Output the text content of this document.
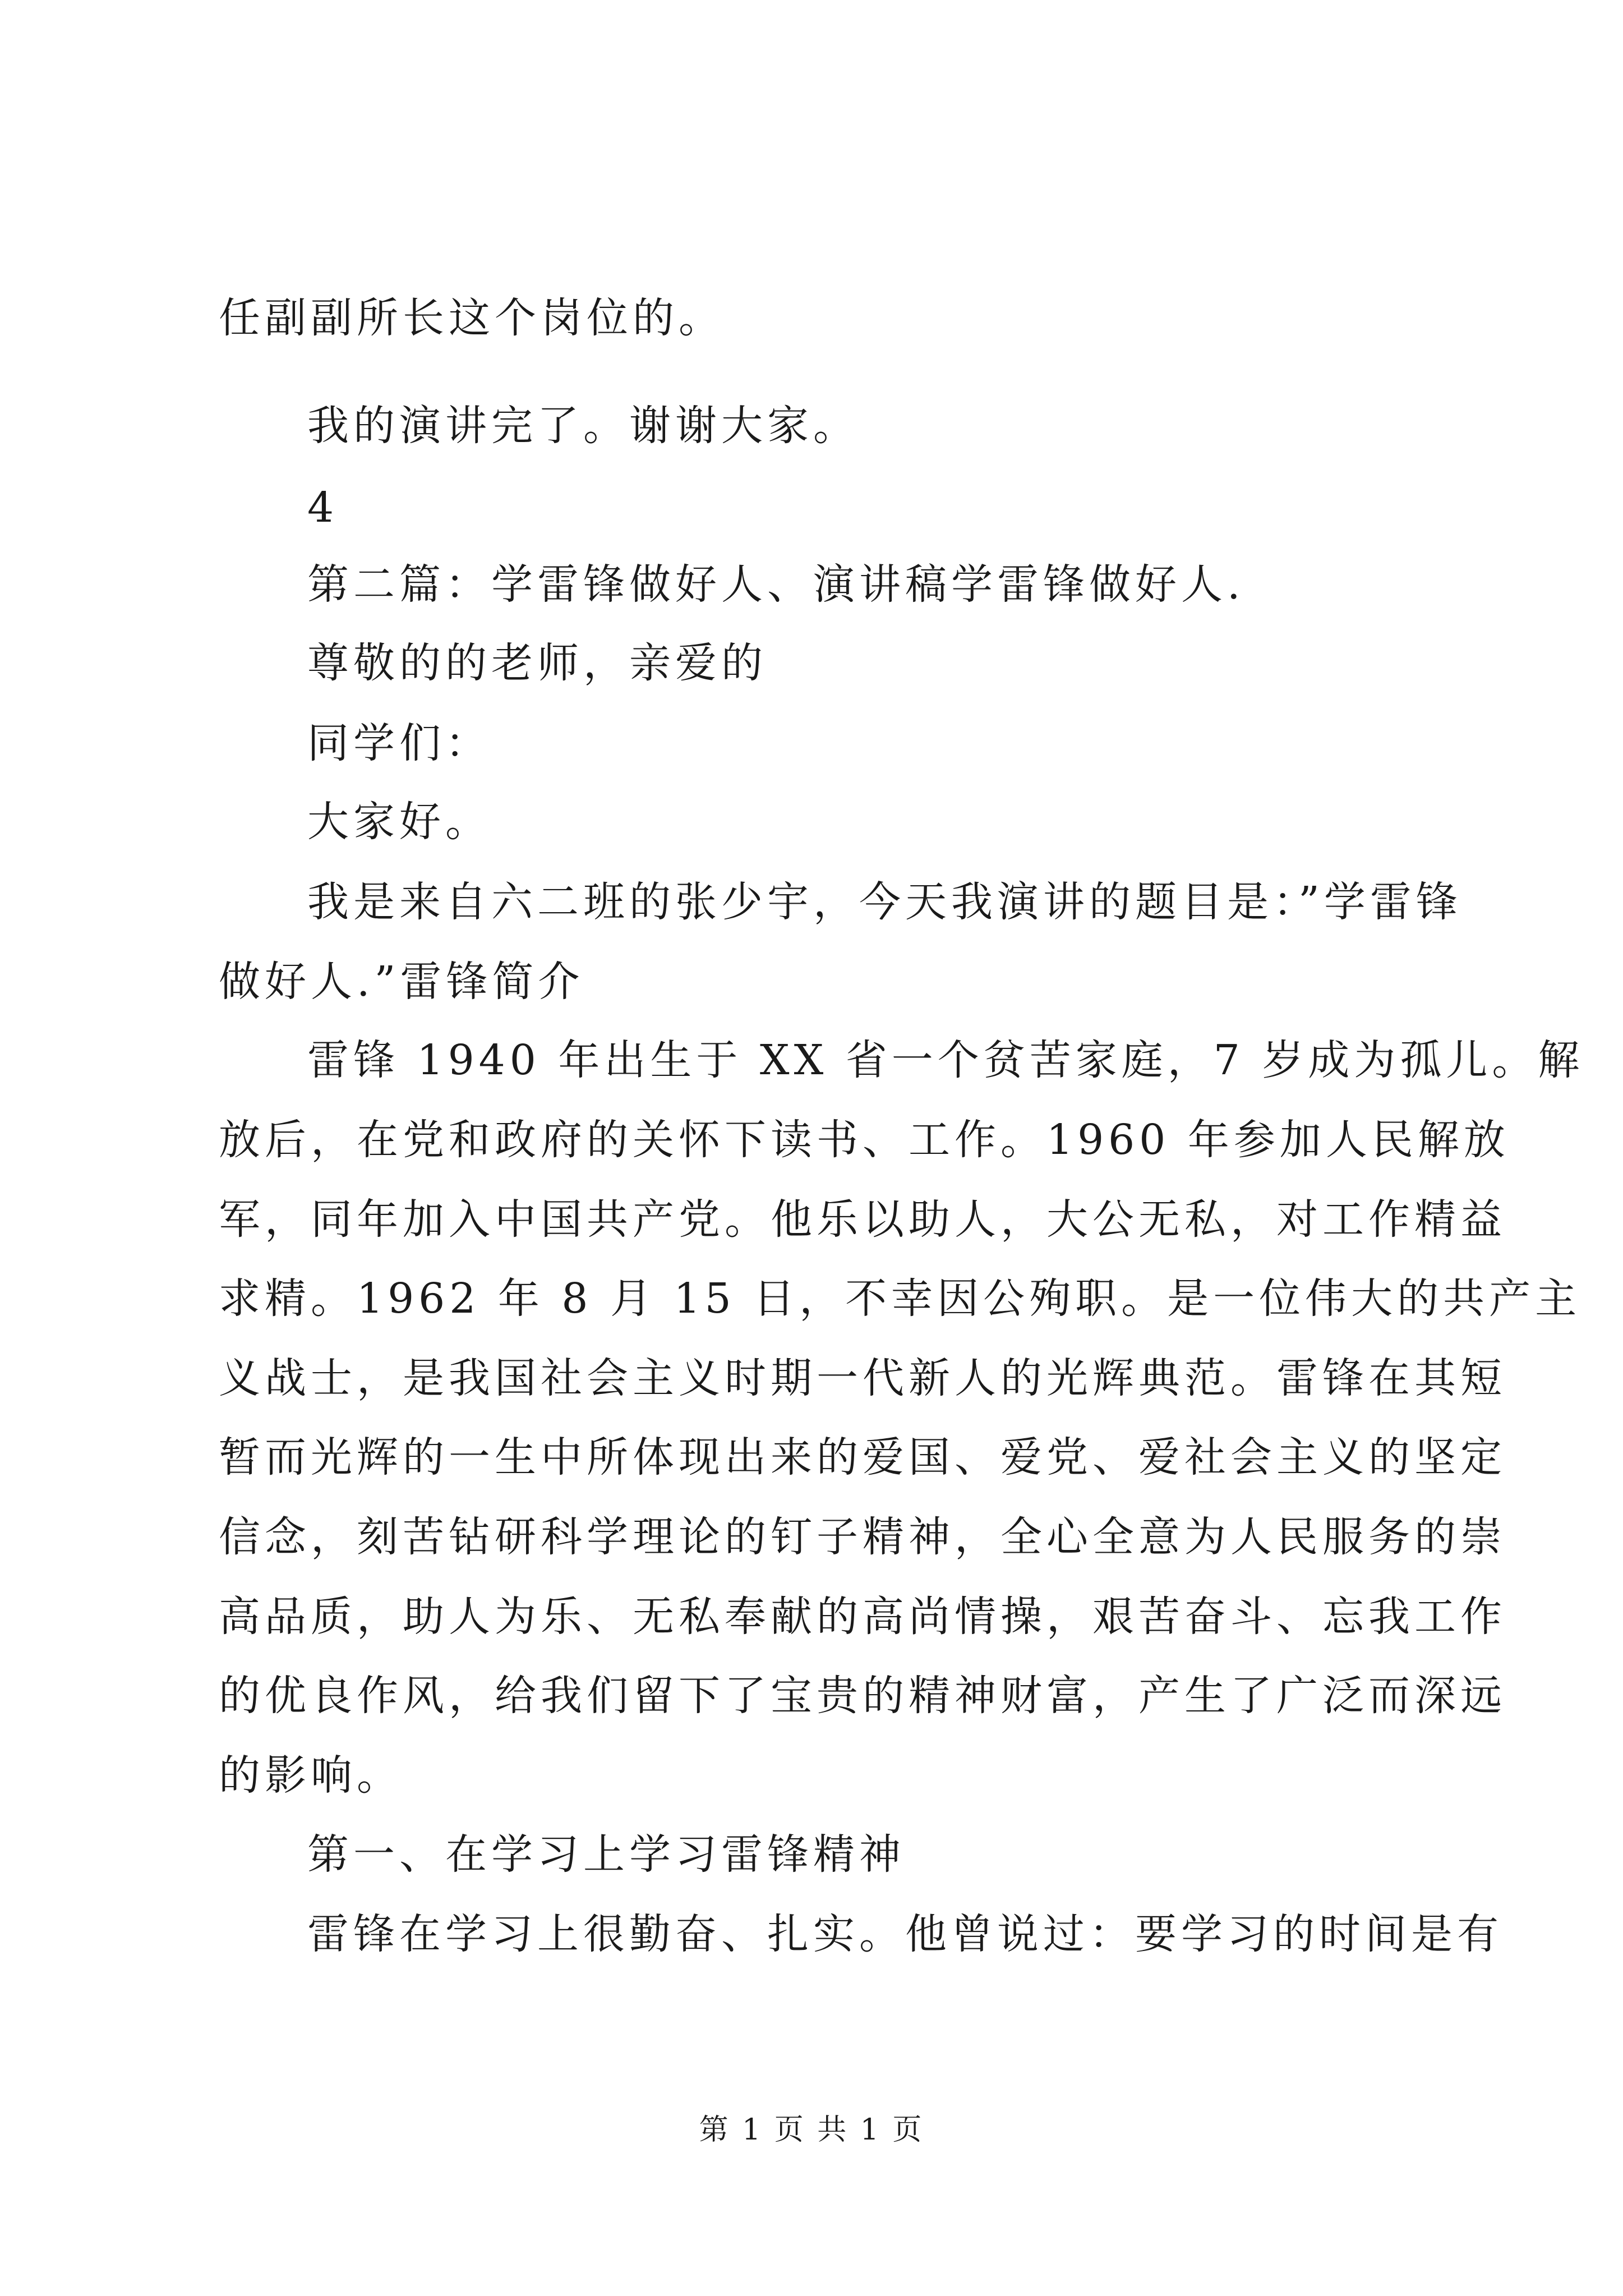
任副副所长这个岗位的。
我的演讲完了。谢谢大家。
4
第二篇：学雷锋做好人、演讲稿学雷锋做好人.
尊敬的的老师，亲爱的
同学们：
大家好。
我是来自六二班的张少宇，今天我演讲的题目是：”学雷锋
做好人.”雷锋简介
雷锋 1940 年出生于 XX 省一个贫苦家庭，7 岁成为孤儿。解
放后，在党和政府的关怀下读书、工作。1960 年参加人民解放
军，同年加入中国共产党。他乐以助人，大公无私，对工作精益
求精。1962 年 8 月 15 日，不幸因公殉职。是一位伟大的共产主
义战士，是我国社会主义时期一代新人的光辉典范。雷锋在其短
暂而光辉的一生中所体现出来的爱国、爱党、爱社会主义的坚定
信念，刻苦钻研科学理论的钉子精神，全心全意为人民服务的崇
高品质，助人为乐、无私奉献的高尚情操，艰苦奋斗、忘我工作
的优良作风，给我们留下了宝贵的精神财富，产生了广泛而深远
的影响。
第一、在学习上学习雷锋精神
雷锋在学习上很勤奋、扎实。他曾说过：要学习的时间是有
第 1 页 共 1 页
